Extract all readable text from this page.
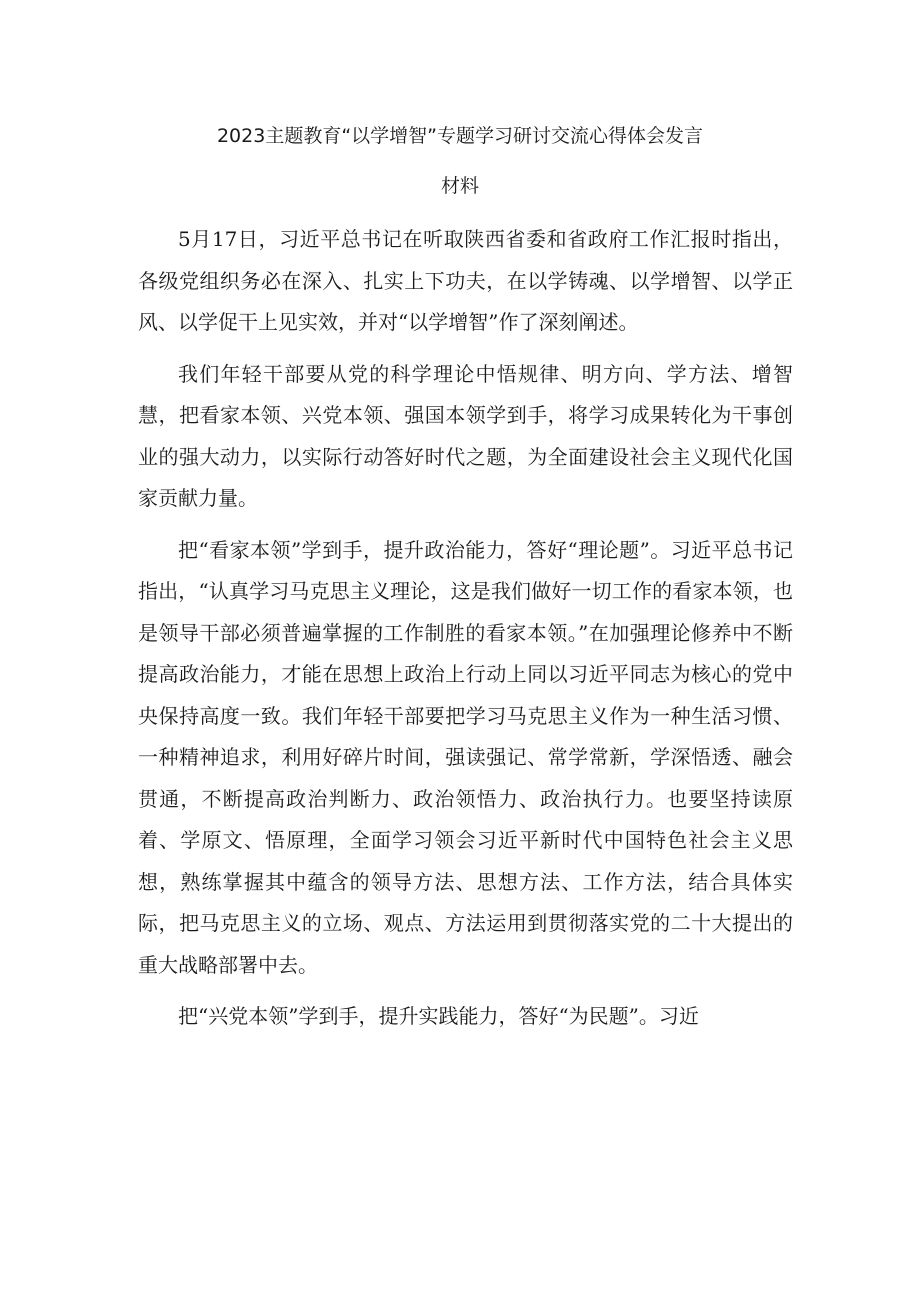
2023主题教育“以学增智”专题学习研讨交流心得体会发言
材料

5月17日，习近平总书记在听取陕西省委和省政府工作汇报时指出，各级党组织务必在深入、扎实上下功夫，在以学铸魂、以学增智、以学正风、以学促干上见实效，并对“以学增智”作了深刻阐述。

我们年轻干部要从党的科学理论中悟规律、明方向、学方法、增智慧，把看家本领、兴党本领、强国本领学到手，将学习成果转化为干事创业的强大动力，以实际行动答好时代之题，为全面建设社会主义现代化国家贡献力量。

把“看家本领”学到手，提升政治能力，答好“理论题”。习近平总书记指出，“认真学习马克思主义理论，这是我们做好一切工作的看家本领，也是领导干部必须普遍掌握的工作制胜的看家本领。”在加强理论修养中不断提高政治能力，才能在思想上政治上行动上同以习近平同志为核心的党中央保持高度一致。我们年轻干部要把学习马克思主义作为一种生活习惯、一种精神追求，利用好碎片时间，强读强记、常学常新，学深悟透、融会贯通，不断提高政治判断力、政治领悟力、政治执行力。也要坚持读原着、学原文、悟原理，全面学习领会习近平新时代中国特色社会主义思想，熟练掌握其中蕴含的领导方法、思想方法、工作方法，结合具体实际，把马克思主义的立场、观点、方法运用到贯彻落实党的二十大提出的重大战略部署中去。

把“兴党本领”学到手，提升实践能力，答好“为民题”。习近
